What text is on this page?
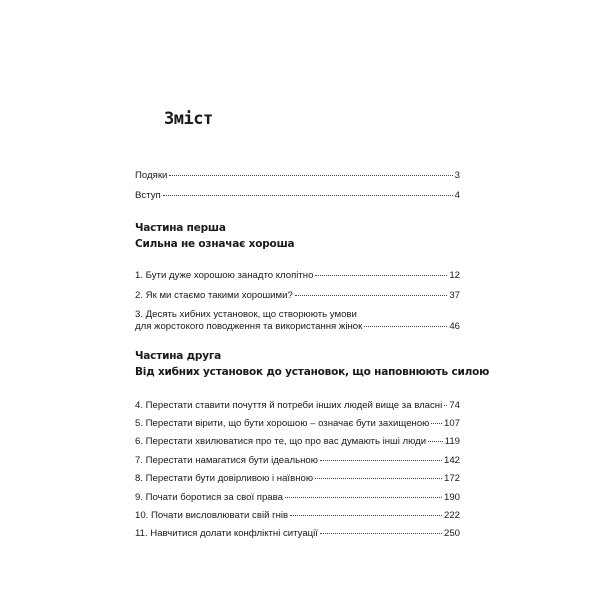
Зміст
Подяки	3
Вступ	4
Частина перша
Сильна не означає хороша
1. Бути дуже хорошою занадто клопітно	12
2. Як ми стаємо такими хорошими?	37
3. Десять хибних установок, що створюють умови
для жорстокого поводження та використання жінок	46
Частина друга
Від хибних установок до установок, що наповнюють силою
4. Перестати ставити почуття й потреби інших людей вище за власні 74
5. Перестати вірити, що бути хорошою – означає бути захищеною 107
6. Перестати хвилюватися про те, що про вас думають інші люди 119
7. Перестати намагатися бути ідеальною	142
8. Перестати бути довірливою і наївною	172
9. Почати боротися за свої права	190
10. Почати висловлювати свій гнів	222
11. Навчитися долати конфліктні ситуації	250
